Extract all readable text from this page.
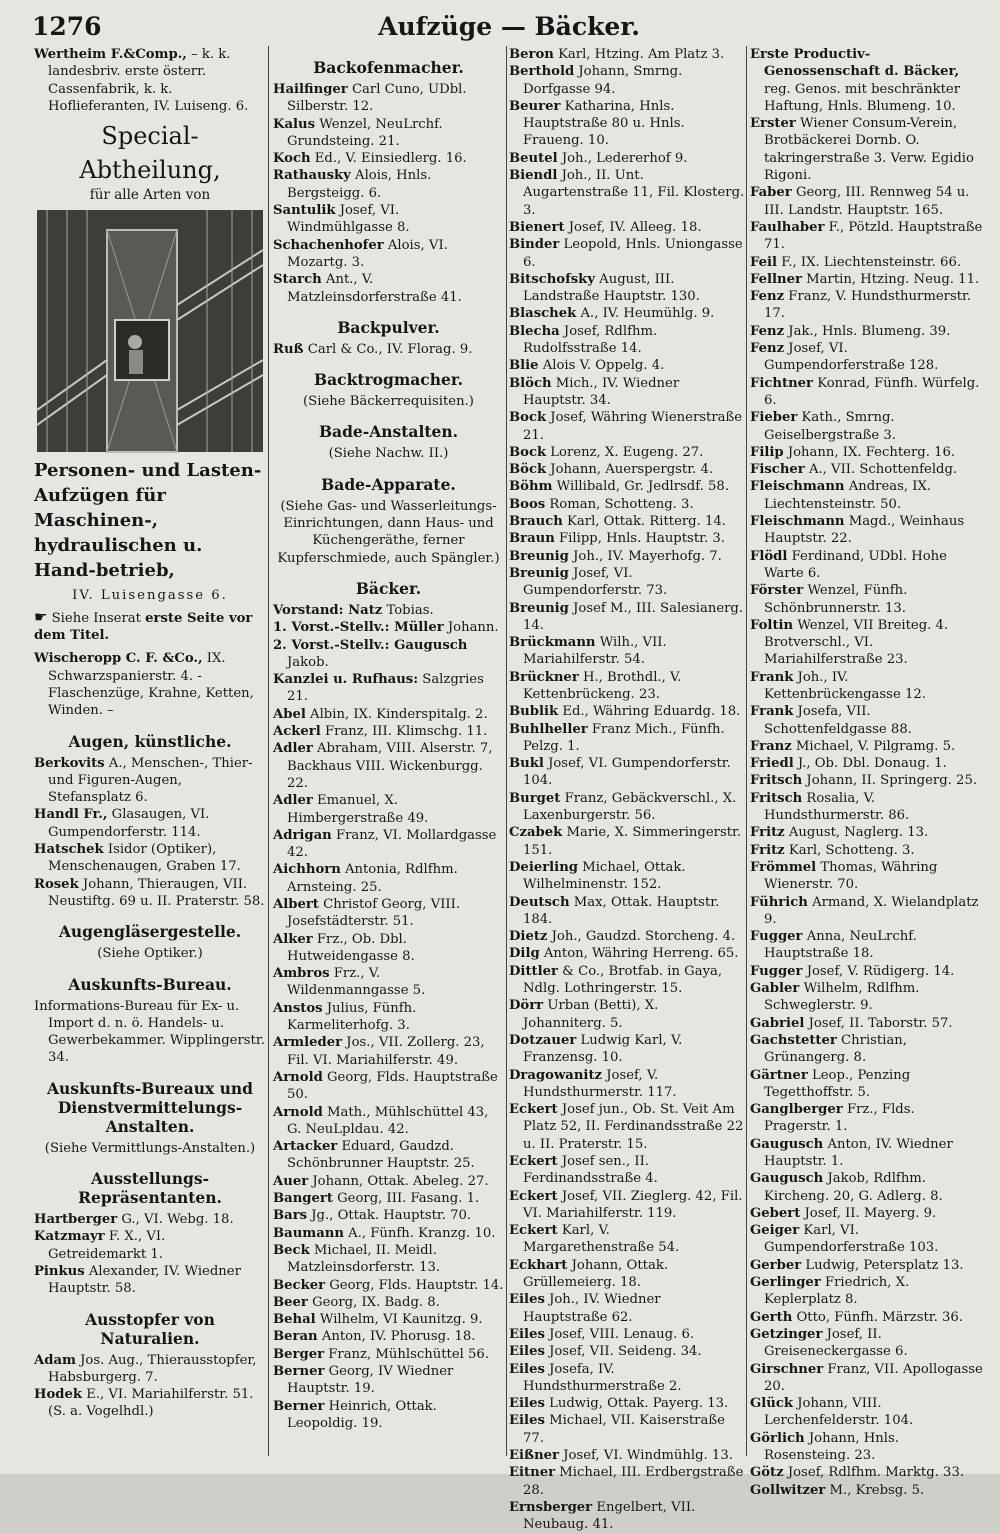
1276	Aufzüge — Bäcker.

Wertheim F.&Comp., – k. k. landesbriv. erste österr. Cassenfabrik, k. k. Hoflieferanten, IV. Luiseng. 6.

Special-Abtheilung,
für alle Arten von
Personen- und Lasten-Aufzügen für Maschinen-, hydraulischen u. Hand-betrieb,
IV. Luisengasse 6.
☛ Siehe Inserat erste Seite vor dem Titel.

Wischeropp C. F. &Co., IX. Schwarzspanierstr. 4. - Flaschenzüge, Krahne, Ketten, Winden. –

Augen, künstliche.

Berkovits A., Menschen-, Thier- und Figuren-Augen, Stefansplatz 6.

Handl Fr., Glasaugen, VI. Gumpendorferstr. 114.

Hatschek Isidor (Optiker), Menschenaugen, Graben 17.

Rosek Johann, Thieraugen, VII. Neustiftg. 69 u. II. Praterstr. 58.

Augengläsergestelle.
(Siehe Optiker.)
Auskunfts-Bureau.

Informations-Bureau für Ex- u. Import d. n. ö. Handels- u. Gewerbekammer. Wipplingerstr. 34.

Auskunfts-Bureaux und Dienstvermittelungs-Anstalten.
(Siehe Vermittlungs-Anstalten.)
Ausstellungs-Repräsentanten.

Hartberger G., VI. Webg. 18.

Katzmayr F. X., VI. Getreidemarkt 1.

Pinkus Alexander, IV. Wiedner Hauptstr. 58.

Ausstopfer von Naturalien.

Adam Jos. Aug., Thierausstopfer, Habsburgerg. 7.

Hodek E., VI. Mariahilferstr. 51. (S. a. Vogelhdl.)

Backofenmacher.

Hailfinger Carl Cuno, UDbl. Silberstr. 12.

Kalus Wenzel, NeuLrchf. Grundsteing. 21.

Koch Ed., V. Einsiedlerg. 16.

Rathausky Alois, Hnls. Bergsteigg. 6.

Santulik Josef, VI. Windmühlgasse 8.

Schachenhofer Alois, VI. Mozartg. 3.

Starch Ant., V. Matzleinsdorferstraße 41.

Backpulver.

Ruß Carl & Co., IV. Florag. 9.

Backtrogmacher.
(Siehe Bäckerrequisiten.)
Bade-Anstalten.
(Siehe Nachw. II.)
Bade-Apparate.
(Siehe Gas- und Wasserleitungs-Einrichtungen, dann Haus- und Küchengeräthe, ferner Kupferschmiede, auch Spängler.)
Bäcker.

Vorstand: Natz Tobias.

1. Vorst.-Stellv.: Müller Johann.

2. Vorst.-Stellv.: Gaugusch Jakob.

Kanzlei u. Rufhaus: Salzgries 21.

Abel Albin, IX. Kinderspitalg. 2.

Ackerl Franz, III. Klimschg. 11.

Adler Abraham, VIII. Alserstr. 7, Backhaus VIII. Wickenburgg. 22.

Adler Emanuel, X. Himbergerstraße 49.

Adrigan Franz, VI. Mollardgasse 42.

Aichhorn Antonia, Rdlfhm. Arnsteing. 25.

Albert Christof Georg, VIII. Josefstädterstr. 51.

Alker Frz., Ob. Dbl. Hutweidengasse 8.

Ambros Frz., V. Wildenmanngasse 5.

Anstos Julius, Fünfh. Karmeliterhofg. 3.

Armleder Jos., VII. Zollerg. 23, Fil. VI. Mariahilferstr. 49.

Arnold Georg, Flds. Hauptstraße 50.

Arnold Math., Mühlschüttel 43, G. NeuLpldau. 42.

Artacker Eduard, Gaudzd. Schönbrunner Hauptstr. 25.

Auer Johann, Ottak. Abeleg. 27.

Bangert Georg, III. Fasang. 1.

Bars Jg., Ottak. Hauptstr. 70.

Baumann A., Fünfh. Kranzg. 10.

Beck Michael, II. Meidl. Matzleinsdorferstr. 13.

Becker Georg, Flds. Hauptstr. 14.

Beer Georg, IX. Badg. 8.

Behal Wilhelm, VI Kaunitzg. 9.

Beran Anton, IV. Phorusg. 18.

Berger Franz, Mühlschüttel 56.

Berner Georg, IV Wiedner Hauptstr. 19.

Berner Heinrich, Ottak. Leopoldig. 19.

Beron Karl, Htzing. Am Platz 3.

Berthold Johann, Smrng. Dorfgasse 94.

Beurer Katharina, Hnls. Hauptstraße 80 u. Hnls. Fraueng. 10.

Beutel Joh., Ledererhof 9.

Biendl Joh., II. Unt. Augartenstraße 11, Fil. Klosterg. 3.

Bienert Josef, IV. Alleeg. 18.

Binder Leopold, Hnls. Uniongasse 6.

Bitschofsky August, III. Landstraße Hauptstr. 130.

Blaschek A., IV. Heumühlg. 9.

Blecha Josef, Rdlfhm. Rudolfsstraße 14.

Blie Alois V. Oppelg. 4.

Blöch Mich., IV. Wiedner Hauptstr. 34.

Bock Josef, Währing Wienerstraße 21.

Bock Lorenz, X. Eugeng. 27.

Böck Johann, Auerspergstr. 4.

Böhm Willibald, Gr. Jedlrsdf. 58.

Boos Roman, Schotteng. 3.

Brauch Karl, Ottak. Ritterg. 14.

Braun Filipp, Hnls. Hauptstr. 3.

Breunig Joh., IV. Mayerhofg. 7.

Breunig Josef, VI. Gumpendorferstr. 73.

Breunig Josef M., III. Salesianerg. 14.

Brückmann Wilh., VII. Mariahilferstr. 54.

Brückner H., Brothdl., V. Kettenbrückeng. 23.

Bublik Ed., Währing Eduardg. 18.

Buhlheller Franz Mich., Fünfh. Pelzg. 1.

Bukl Josef, VI. Gumpendorferstr. 104.

Burget Franz, Gebäckverschl., X. Laxenburgerstr. 56.

Czabek Marie, X. Simmeringerstr. 151.

Deierling Michael, Ottak. Wilhelminenstr. 152.

Deutsch Max, Ottak. Hauptstr. 184.

Dietz Joh., Gaudzd. Storcheng. 4.

Dilg Anton, Währing Herreng. 65.

Dittler & Co., Brotfab. in Gaya, Ndlg. Lothringerstr. 15.

Dörr Urban (Betti), X. Johanniterg. 5.

Dotzauer Ludwig Karl, V. Franzensg. 10.

Dragowanitz Josef, V. Hundsthurmerstr. 117.

Eckert Josef jun., Ob. St. Veit Am Platz 52, II. Ferdinandsstraße 22 u. II. Praterstr. 15.

Eckert Josef sen., II. Ferdinandsstraße 4.

Eckert Josef, VII. Zieglerg. 42, Fil. VI. Mariahilferstr. 119.

Eckert Karl, V. Margarethenstraße 54.

Eckhart Johann, Ottak. Grüllemeierg. 18.

Eiles Joh., IV. Wiedner Hauptstraße 62.

Eiles Josef, VIII. Lenaug. 6.

Eiles Josef, VII. Seideng. 34.

Eiles Josefa, IV. Hundsthurmerstraße 2.

Eiles Ludwig, Ottak. Payerg. 13.

Eiles Michael, VII. Kaiserstraße 77.

Eißner Josef, VI. Windmühlg. 13.

Eitner Michael, III. Erdbergstraße 28.

Ernsberger Engelbert, VII. Neubaug. 41.

Erste Productiv-Genossenschaft d. Bäcker, reg. Genos. mit beschränkter Haftung, Hnls. Blumeng. 10.

Erster Wiener Consum-Verein, Brotbäckerei Dornb. O. takringerstraße 3. Verw. Egidio Rigoni.

Faber Georg, III. Rennweg 54 u. III. Landstr. Hauptstr. 165.

Faulhaber F., Pötzld. Hauptstraße 71.

Feil F., IX. Liechtensteinstr. 66.

Fellner Martin, Htzing. Neug. 11.

Fenz Franz, V. Hundsthurmerstr. 17.

Fenz Jak., Hnls. Blumeng. 39.

Fenz Josef, VI. Gumpendorferstraße 128.

Fichtner Konrad, Fünfh. Würfelg. 6.

Fieber Kath., Smrng. Geiselbergstraße 3.

Filip Johann, IX. Fechterg. 16.

Fischer A., VII. Schottenfeldg.

Fleischmann Andreas, IX. Liechtensteinstr. 50.

Fleischmann Magd., Weinhaus Hauptstr. 22.

Flödl Ferdinand, UDbl. Hohe Warte 6.

Förster Wenzel, Fünfh. Schönbrunnerstr. 13.

Foltin Wenzel, VII Breiteg. 4. Brotverschl., VI. Mariahilferstraße 23.

Frank Joh., IV. Kettenbrückengasse 12.

Frank Josefa, VII. Schottenfeldgasse 88.

Franz Michael, V. Pilgramg. 5.

Friedl J., Ob. Dbl. Donaug. 1.

Fritsch Johann, II. Springerg. 25.

Fritsch Rosalia, V. Hundsthurmerstr. 86.

Fritz August, Naglerg. 13.

Fritz Karl, Schotteng. 3.

Frömmel Thomas, Währing Wienerstr. 70.

Führich Armand, X. Wielandplatz 9.

Fugger Anna, NeuLrchf. Hauptstraße 18.

Fugger Josef, V. Rüdigerg. 14.

Gabler Wilhelm, Rdlfhm. Schweglerstr. 9.

Gabriel Josef, II. Taborstr. 57.

Gachstetter Christian, Grünangerg. 8.

Gärtner Leop., Penzing Tegetthoffstr. 5.

Ganglberger Frz., Flds. Pragerstr. 1.

Gaugusch Anton, IV. Wiedner Hauptstr. 1.

Gaugusch Jakob, Rdlfhm. Kircheng. 20, G. Adlerg. 8.

Gebert Josef, II. Mayerg. 9.

Geiger Karl, VI. Gumpendorferstraße 103.

Gerber Ludwig, Petersplatz 13.

Gerlinger Friedrich, X. Keplerplatz 8.

Gerth Otto, Fünfh. Märzstr. 36.

Getzinger Josef, II. Greiseneckergasse 6.

Girschner Franz, VII. Apollogasse 20.

Glück Johann, VIII. Lerchenfelderstr. 104.

Görlich Johann, Hnls. Rosensteing. 23.

Götz Josef, Rdlfhm. Marktg. 33.

Gollwitzer M., Krebsg. 5.
